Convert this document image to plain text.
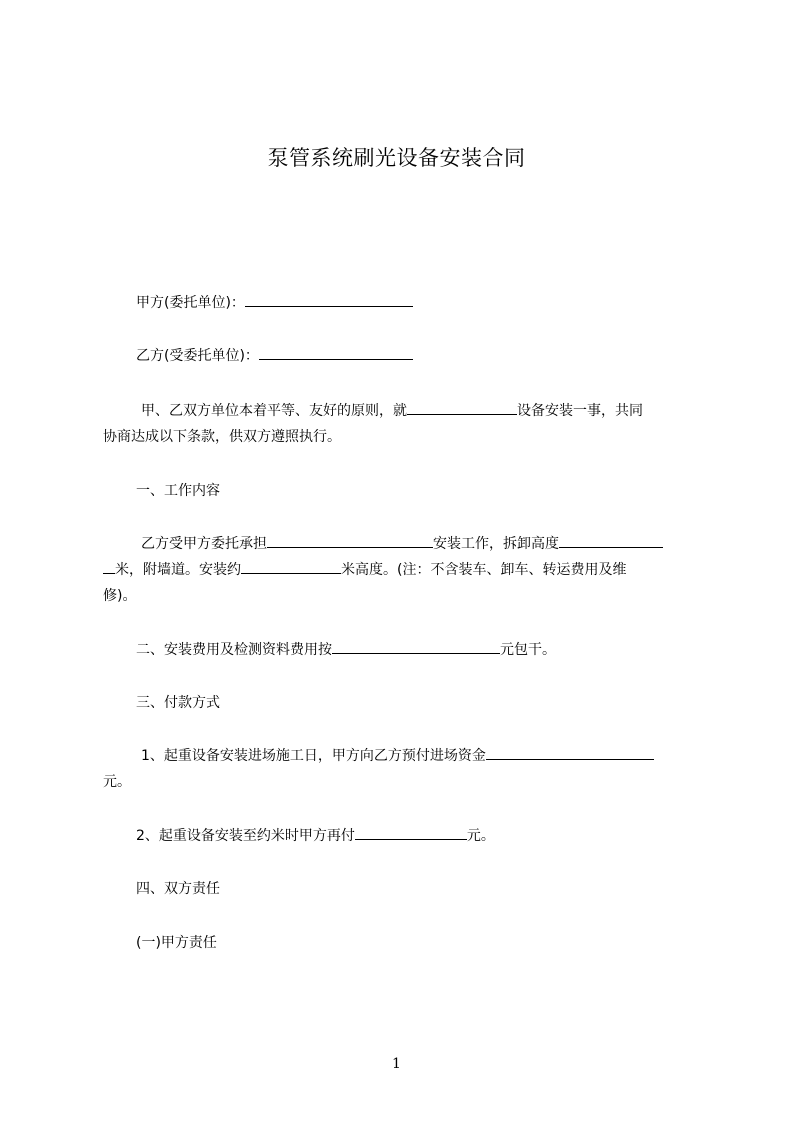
泵管系统刷光设备安装合同
甲方(委托单位)：
乙方(受委托单位)：
甲、乙双方单位本着平等、友好的原则，就	设备安装一事，共同
协商达成以下条款，供双方遵照执行。
一、工作内容
乙方受甲方委托承担	安装工作，拆卸高度
米，附墙道。安装约	米高度。(注：不含装车、卸车、转运费用及维
修)。
二、安装费用及检测资料费用按	元包干。
三、付款方式
1、起重设备安装进场施工日，甲方向乙方预付进场资金
元。
2、起重设备安装至约米时甲方再付	元。
四、双方责任
(一)甲方责任
1
